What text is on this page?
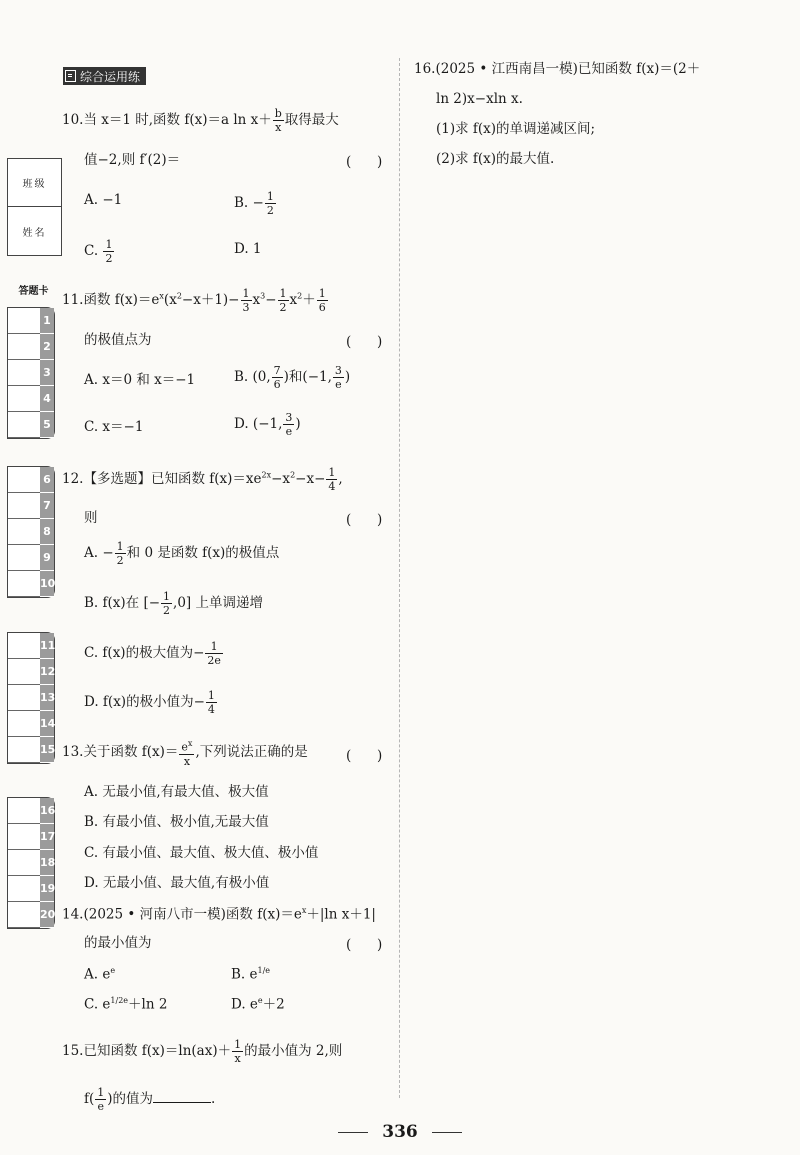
班级
姓名
答题卡
1
2
3
4
5
6
7
8
9
10
11
12
13
14
15
16
17
18
19
20
综合运用练
10.当 x＝1 时,函数 f(x)＝a $\ln x+ \frac{b}{x}$ 取得最大
值−2,则 f′(2)＝	(      )
A. −1	B. − $\frac{1}{2}$
C. $\frac{1}{2}$	D. 1
11.函数 $f(x)=e^x(x^2-x+1)- \frac{1}{3} x^3- \frac{1}{2} x^2+ \frac{1}{6}$
的极值点为	(      )
A. x＝0 和 x＝−1	B. (0, $\frac{7}{6}$ )和(−1, $\frac{3}{e}$ )
C. x＝−1	D. (−1, $\frac{3}{e}$ )
12.【多选题】已知函数 $f(x)=xe^{2x}-x^2-x- \frac{1}{4}$ ,
则	(      )
A. − $\frac{1}{2}$ 和 0 是函数 f(x)的极值点
B. f(x)在 [− $\frac{1}{2} ,0$] 上单调递增
C. f(x)的极大值为− $\frac{1}{2e}$
D. f(x)的极小值为− $\frac{1}{4}$
13.关于函数 $f(x)= \frac{e^x}{x}$ ,下列说法正确的是	(      )
A. 无最小值,有最大值、极大值
B. 有最小值、极小值,无最大值
C. 有最小值、最大值、极大值、极小值
D. 无最小值、最大值,有极小值
14.(2025 • 河南八市一模)函数 $f(x)=e^x+|\ln$ x＋1|
的最小值为	(      )
A. $e^e$	B. $e^{1/e}$
C. $e^{1/2e}+\ln$ 2	D. $e^e+2$
15.已知函数 $f(x)=\ln(ax)+ \frac{1}{x}$ 的最小值为 2,则
$f( \frac{1}{e}$ )的值为	.
16.(2025 • 江西南昌一模)已知函数 f(x)＝(2＋
ln 2)x−xln x.
(1)求 f(x)的单调递减区间;
(2)求 f(x)的最大值.
336
